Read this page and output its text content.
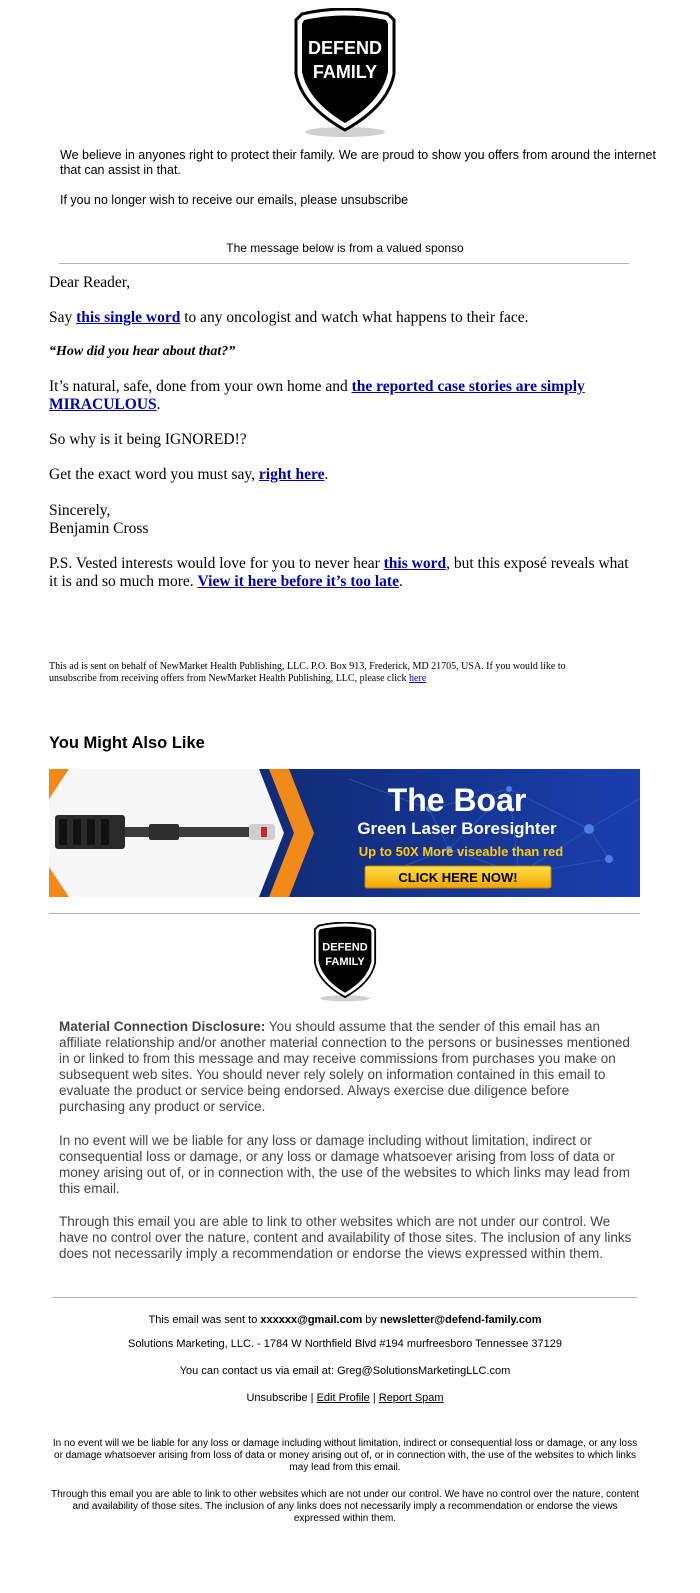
DEFEND
FAMILY
We believe in anyones right to protect their family. We are proud to show you offers from around the internet that can assist in that.
If you no longer wish to receive our emails, please unsubscribe
The message below is from a valued sponso
Dear Reader,
Say this single word to any oncologist and watch what happens to their face.
“How did you hear about that?”
It’s natural, safe, done from your own home and the reported case stories are simply MIRACULOUS.
So why is it being IGNORED!?
Get the exact word you must say, right here.
Sincerely,
Benjamin Cross
P.S. Vested interests would love for you to never hear this word, but this exposé reveals what it is and so much more. View it here before it’s too late.
This ad is sent on behalf of NewMarket Health Publishing, LLC. P.O. Box 913, Frederick, MD 21705, USA. If you would like to unsubscribe from receiving offers from NewMarket Health Publishing, LLC, please click here
You Might Also Like
The Boar
Green Laser Boresighter
Up to 50X More viseable than red
CLICK HERE NOW!
DEFEND
FAMILY
Material Connection Disclosure: You should assume that the sender of this email has an affiliate relationship and/or another material connection to the persons or businesses mentioned in or linked to from this message and may receive commissions from purchases you make on subsequent web sites. You should never rely solely on information contained in this email to evaluate the product or service being endorsed. Always exercise due diligence before purchasing any product or service.
In no event will we be liable for any loss or damage including without limitation, indirect or consequential loss or damage, or any loss or damage whatsoever arising from loss of data or money arising out of, or in connection with, the use of the websites to which links may lead from this email.
Through this email you are able to link to other websites which are not under our control. We have no control over the nature, content and availability of those sites. The inclusion of any links does not necessarily imply a recommendation or endorse the views expressed within them.
This email was sent to xxxxxx@gmail.com by newsletter@defend-family.com
Solutions Marketing, LLC. - 1784 W Northfield Blvd #194 murfreesboro Tennessee 37129
You can contact us via email at: Greg@SolutionsMarketingLLC.com
Unsubscribe | Edit Profile | Report Spam
In no event will we be liable for any loss or damage including without limitation, indirect or consequential loss or damage, or any loss or damage whatsoever arising from loss of data or money arising out of, or in connection with, the use of the websites to which links may lead from this email.
Through this email you are able to link to other websites which are not under our control. We have no control over the nature, content and availability of those sites. The inclusion of any links does not necessarily imply a recommendation or endorse the views expressed within them.
